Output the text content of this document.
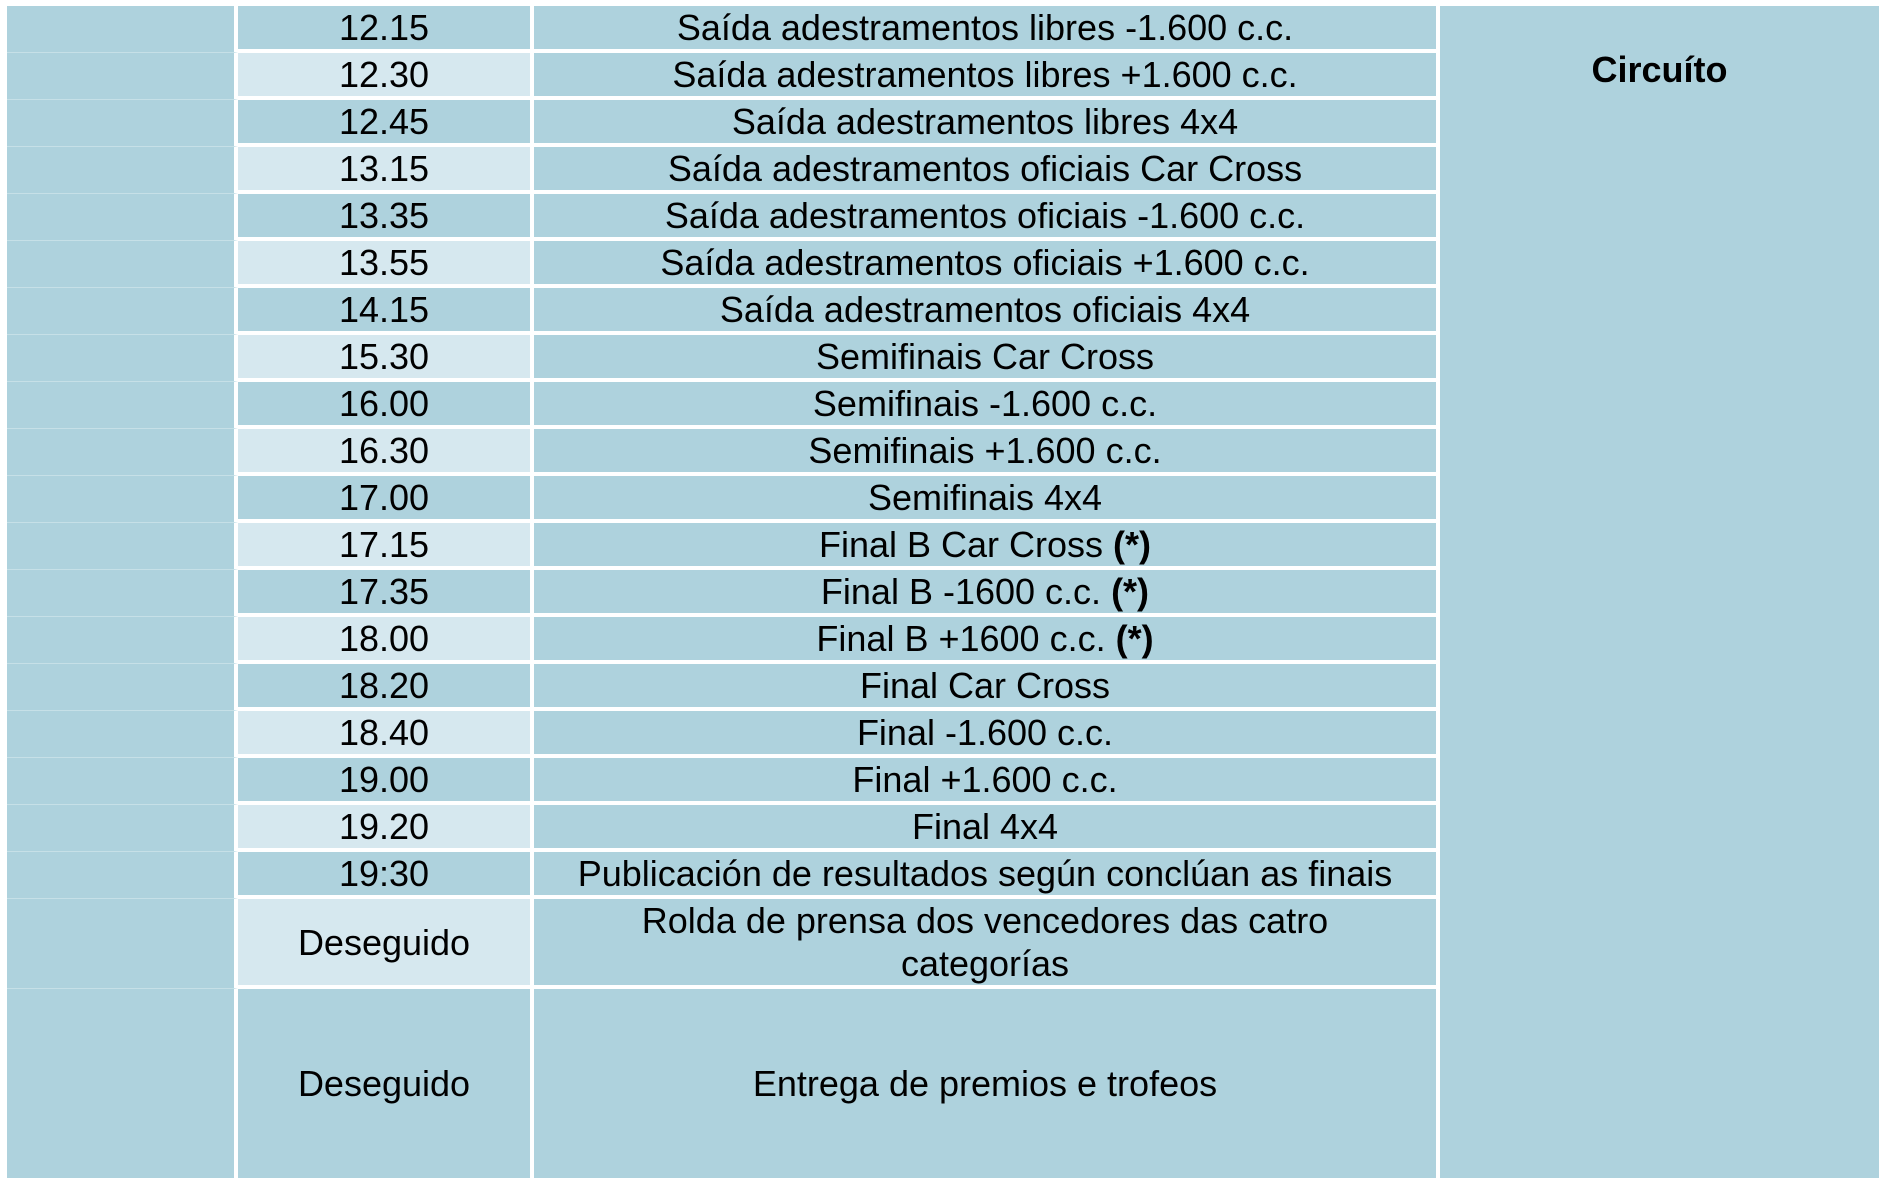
	12.15	Saída adestramentos libres -1.600 c.c.	Circuíto
	12.30	Saída adestramentos libres +1.600 c.c.	
	12.45	Saída adestramentos libres 4x4	
	13.15	Saída adestramentos oficiais Car Cross	
	13.35	Saída adestramentos oficiais -1.600 c.c.	
	13.55	Saída adestramentos oficiais +1.600 c.c.	
	14.15	Saída adestramentos oficiais 4x4	
	15.30	Semifinais Car Cross	
	16.00	Semifinais -1.600 c.c.	
	16.30	Semifinais +1.600 c.c.	
	17.00	Semifinais 4x4	
	17.15	Final B Car Cross (*)	
	17.35	Final B -1600 c.c. (*)	
	18.00	Final B +1600 c.c. (*)	
	18.20	Final Car Cross	
	18.40	Final -1.600 c.c.	
	19.00	Final +1.600 c.c.	
	19.20	Final 4x4	
	19:30	Publicación de resultados según conclúan as finais	
	Deseguido	Rolda de prensa dos vencedores das catro categorías	
	Deseguido	Entrega de premios e trofeos	
